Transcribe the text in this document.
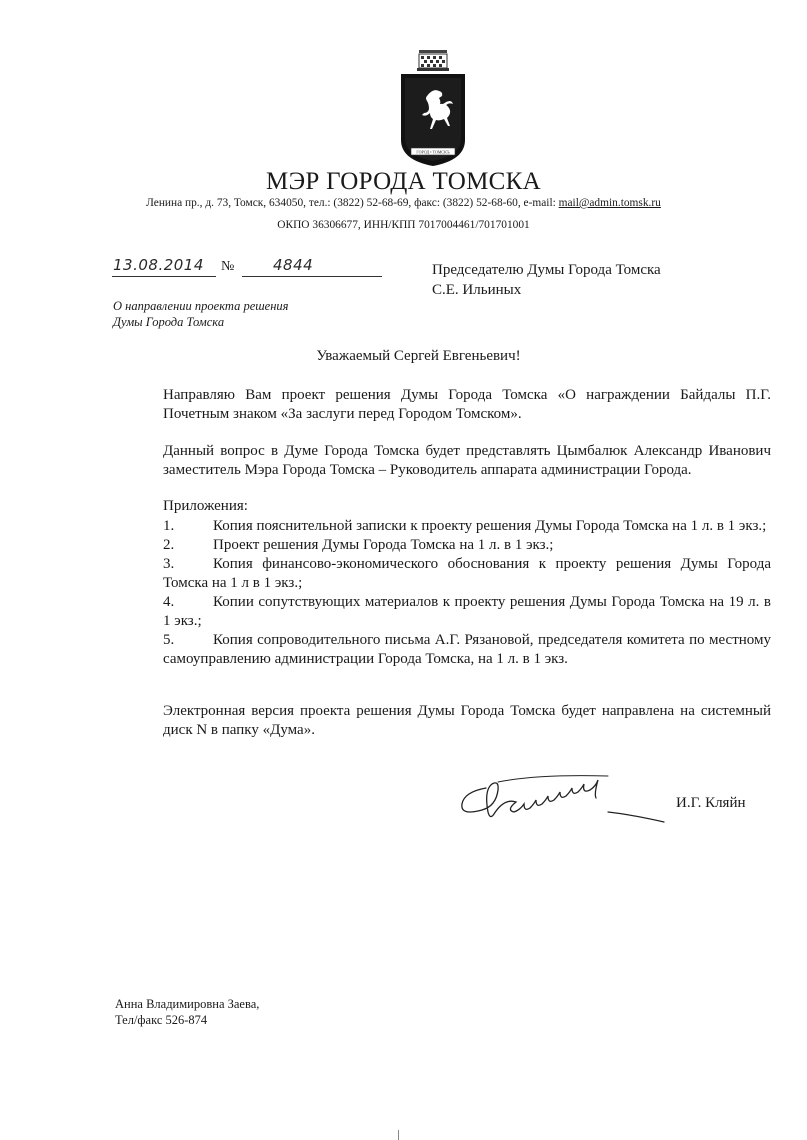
ГОРОД • ТОМСКЪ
МЭР ГОРОДА ТОМСКА
Ленина пр., д. 73, Томск, 634050, тел.: (3822) 52-68-69, факс: (3822) 52-68-60, e-mail: mail@admin.tomsk.ru
ОКПО 36306677, ИНН/КПП 7017004461/701701001
13.08.2014 №	4844	Председателю Думы Города Томска
С.Е. Ильиных
О направлении проекта решения
Думы Города Томска
Уважаемый Сергей Евгеньевич!
Направляю Вам проект решения Думы Города Томска «О награждении Байдалы П.Г. Почетным знаком «За заслуги перед Городом Томском».
Данный вопрос в Думе Города Томска будет представлять Цымбалюк Александр Иванович заместитель Мэра Города Томска – Руководитель аппарата администрации Города.
Приложения:
1.	Копия пояснительной записки к проекту решения Думы Города Томска на 1 л. в 1 экз.;
2.	Проект решения Думы Города Томска на 1 л. в 1 экз.;
3.	Копия финансово-экономического обоснования к проекту решения Думы Города Томска на 1 л в 1 экз.;
4.	Копии сопутствующих материалов к проекту решения Думы Города Томска на 19 л. в 1 экз.;
5.	Копия сопроводительного письма А.Г. Рязановой, председателя комитета по местному самоуправлению администрации Города Томска, на 1 л. в 1 экз.
Электронная версия проекта решения Думы Города Томска будет направлена на системный диск N в папку «Дума».
И.Г. Кляйн
Анна Владимировна Заева,
Тел/факс 526-874
